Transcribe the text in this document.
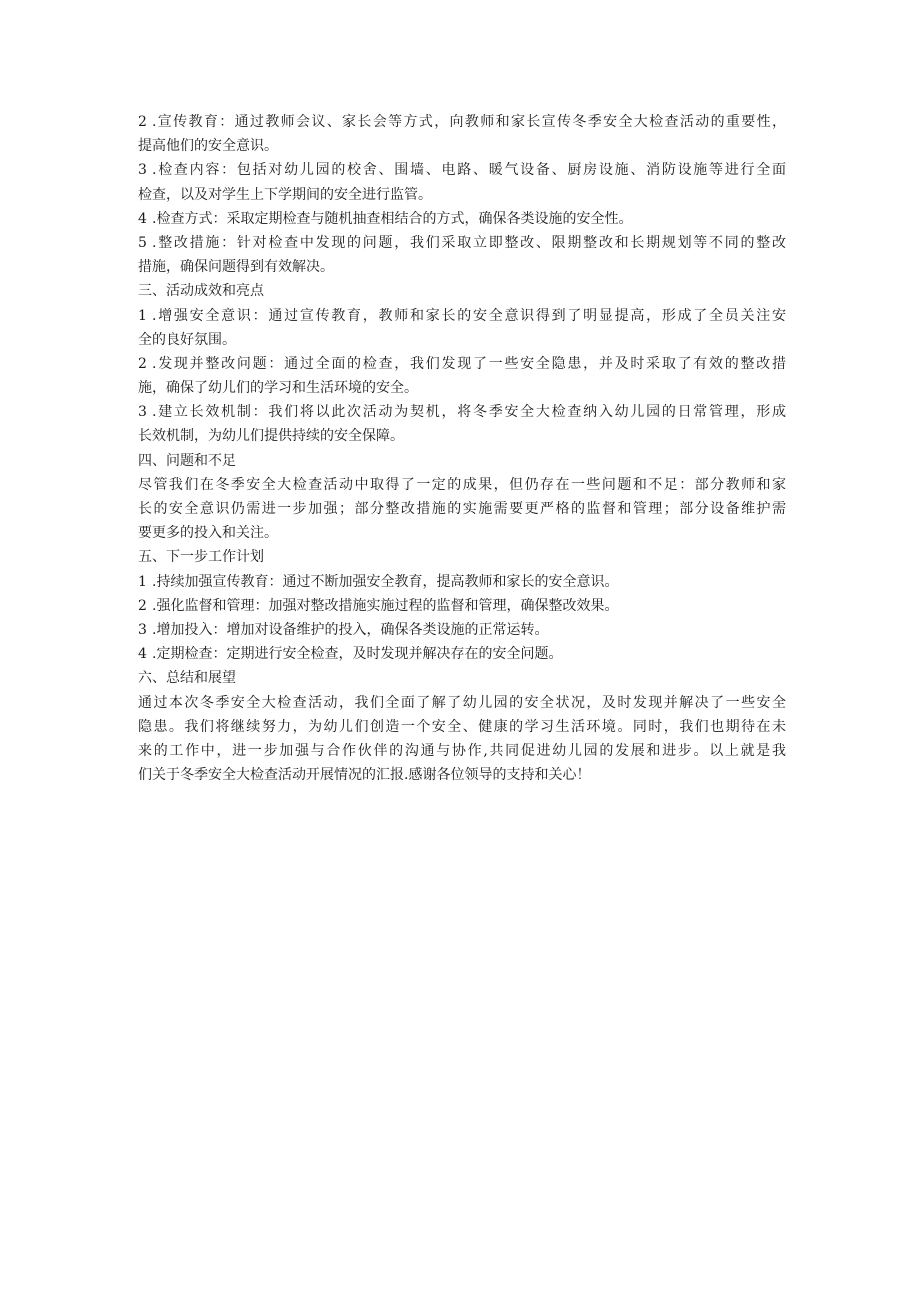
2 .宣传教育：通过教师会议、家长会等方式，向教师和家长宣传冬季安全大检查活动的重要性，
提高他们的安全意识。
3 .检查内容：包括对幼儿园的校舍、围墙、电路、暖气设备、厨房设施、消防设施等进行全面
检查，以及对学生上下学期间的安全进行监管。
4 .检查方式：采取定期检查与随机抽查相结合的方式，确保各类设施的安全性。
5 .整改措施：针对检查中发现的问题，我们采取立即整改、限期整改和长期规划等不同的整改
措施，确保问题得到有效解决。
三、活动成效和亮点
1 .增强安全意识：通过宣传教育，教师和家长的安全意识得到了明显提高，形成了全员关注安
全的良好氛围。
2 .发现并整改问题：通过全面的检查，我们发现了一些安全隐患，并及时采取了有效的整改措
施，确保了幼儿们的学习和生活环境的安全。
3 .建立长效机制：我们将以此次活动为契机，将冬季安全大检查纳入幼儿园的日常管理，形成
长效机制，为幼儿们提供持续的安全保障。
四、问题和不足
尽管我们在冬季安全大检查活动中取得了一定的成果，但仍存在一些问题和不足：部分教师和家
长的安全意识仍需进一步加强；部分整改措施的实施需要更严格的监督和管理；部分设备维护需
要更多的投入和关注。
五、下一步工作计划
1 .持续加强宣传教育：通过不断加强安全教育，提高教师和家长的安全意识。
2 .强化监督和管理：加强对整改措施实施过程的监督和管理，确保整改效果。
3 .增加投入：增加对设备维护的投入，确保各类设施的正常运转。
4 .定期检查：定期进行安全检查，及时发现并解决存在的安全问题。
六、总结和展望
通过本次冬季安全大检查活动，我们全面了解了幼儿园的安全状况，及时发现并解决了一些安全
隐患。我们将继续努力，为幼儿们创造一个安全、健康的学习生活环境。同时，我们也期待在未
来的工作中，进一步加强与合作伙伴的沟通与协作,共同促进幼儿园的发展和进步。以上就是我
们关于冬季安全大检查活动开展情况的汇报.感谢各位领导的支持和关心！
